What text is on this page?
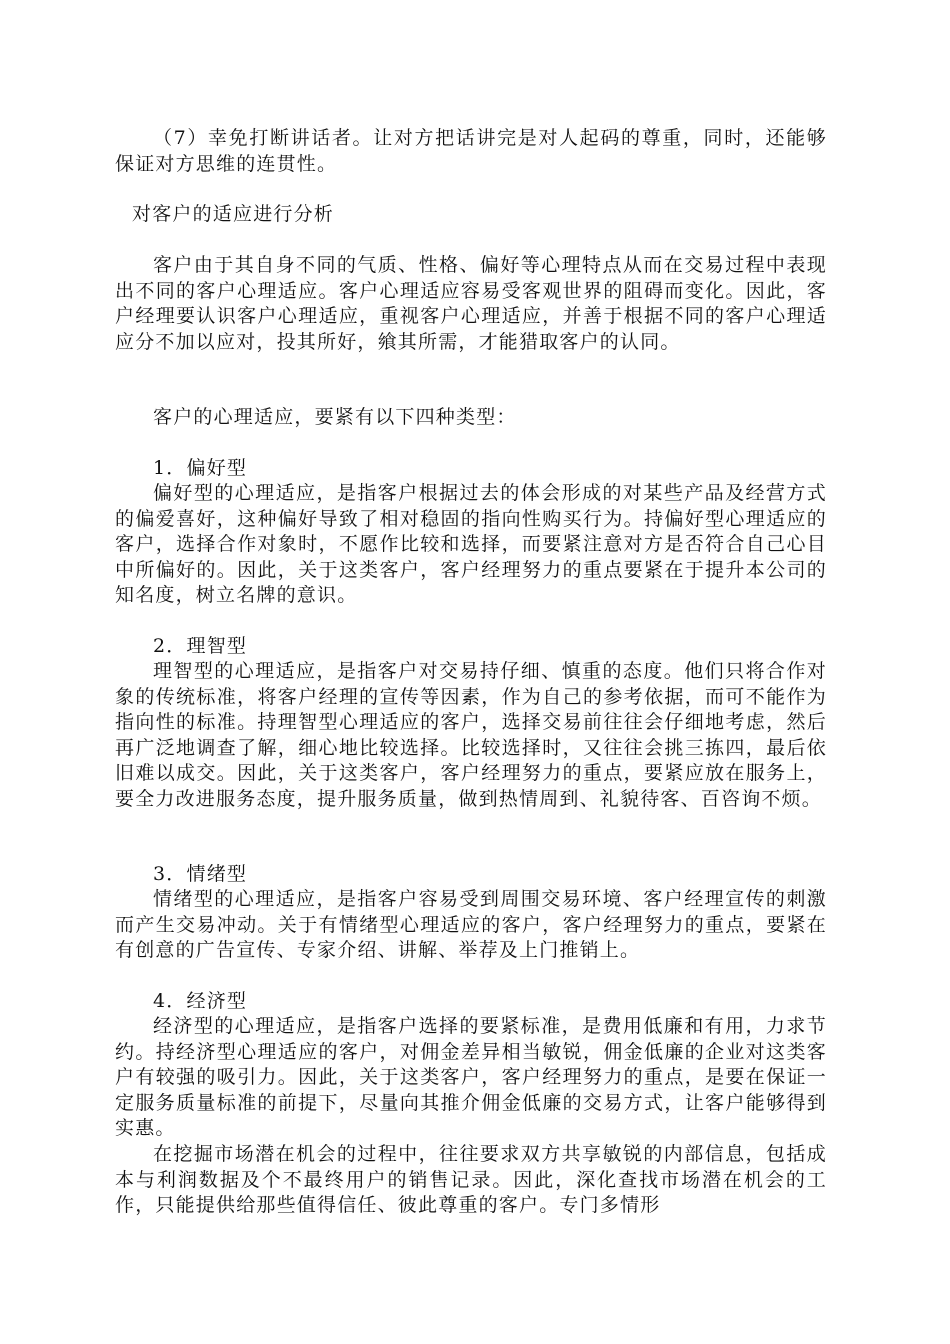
（7）幸免打断讲话者。让对方把话讲完是对人起码的尊重，同时，还能够保证对方思维的连贯性。

对客户的适应进行分析

客户由于其自身不同的气质、性格、偏好等心理特点从而在交易过程中表现出不同的客户心理适应。客户心理适应容易受客观世界的阻碍而变化。因此，客户经理要认识客户心理适应，重视客户心理适应，并善于根据不同的客户心理适应分不加以应对，投其所好，飨其所需，才能猎取客户的认同。

客户的心理适应，要紧有以下四种类型：

1．偏好型

偏好型的心理适应，是指客户根据过去的体会形成的对某些产品及经营方式的偏爱喜好，这种偏好导致了相对稳固的指向性购买行为。持偏好型心理适应的客户，选择合作对象时，不愿作比较和选择，而要紧注意对方是否符合自己心目中所偏好的。因此，关于这类客户，客户经理努力的重点要紧在于提升本公司的知名度，树立名牌的意识。

2．理智型

理智型的心理适应，是指客户对交易持仔细、慎重的态度。他们只将合作对象的传统标准，将客户经理的宣传等因素，作为自己的参考依据，而可不能作为指向性的标准。持理智型心理适应的客户，选择交易前往往会仔细地考虑，然后再广泛地调查了解，细心地比较选择。比较选择时，又往往会挑三拣四，最后依旧难以成交。因此，关于这类客户，客户经理努力的重点，要紧应放在服务上，要全力改进服务态度，提升服务质量，做到热情周到、礼貌待客、百咨询不烦。

3．情绪型

情绪型的心理适应，是指客户容易受到周围交易环境、客户经理宣传的刺激而产生交易冲动。关于有情绪型心理适应的客户，客户经理努力的重点，要紧在有创意的广告宣传、专家介绍、讲解、举荐及上门推销上。

4．经济型

经济型的心理适应，是指客户选择的要紧标准，是费用低廉和有用，力求节约。持经济型心理适应的客户，对佣金差异相当敏锐，佣金低廉的企业对这类客户有较强的吸引力。因此，关于这类客户，客户经理努力的重点，是要在保证一定服务质量标准的前提下，尽量向其推介佣金低廉的交易方式，让客户能够得到实惠。

在挖掘市场潜在机会的过程中，往往要求双方共享敏锐的内部信息，包括成本与利润数据及个不最终用户的销售记录。因此，深化查找市场潜在机会的工作，只能提供给那些值得信任、彼此尊重的客户。专门多情形
